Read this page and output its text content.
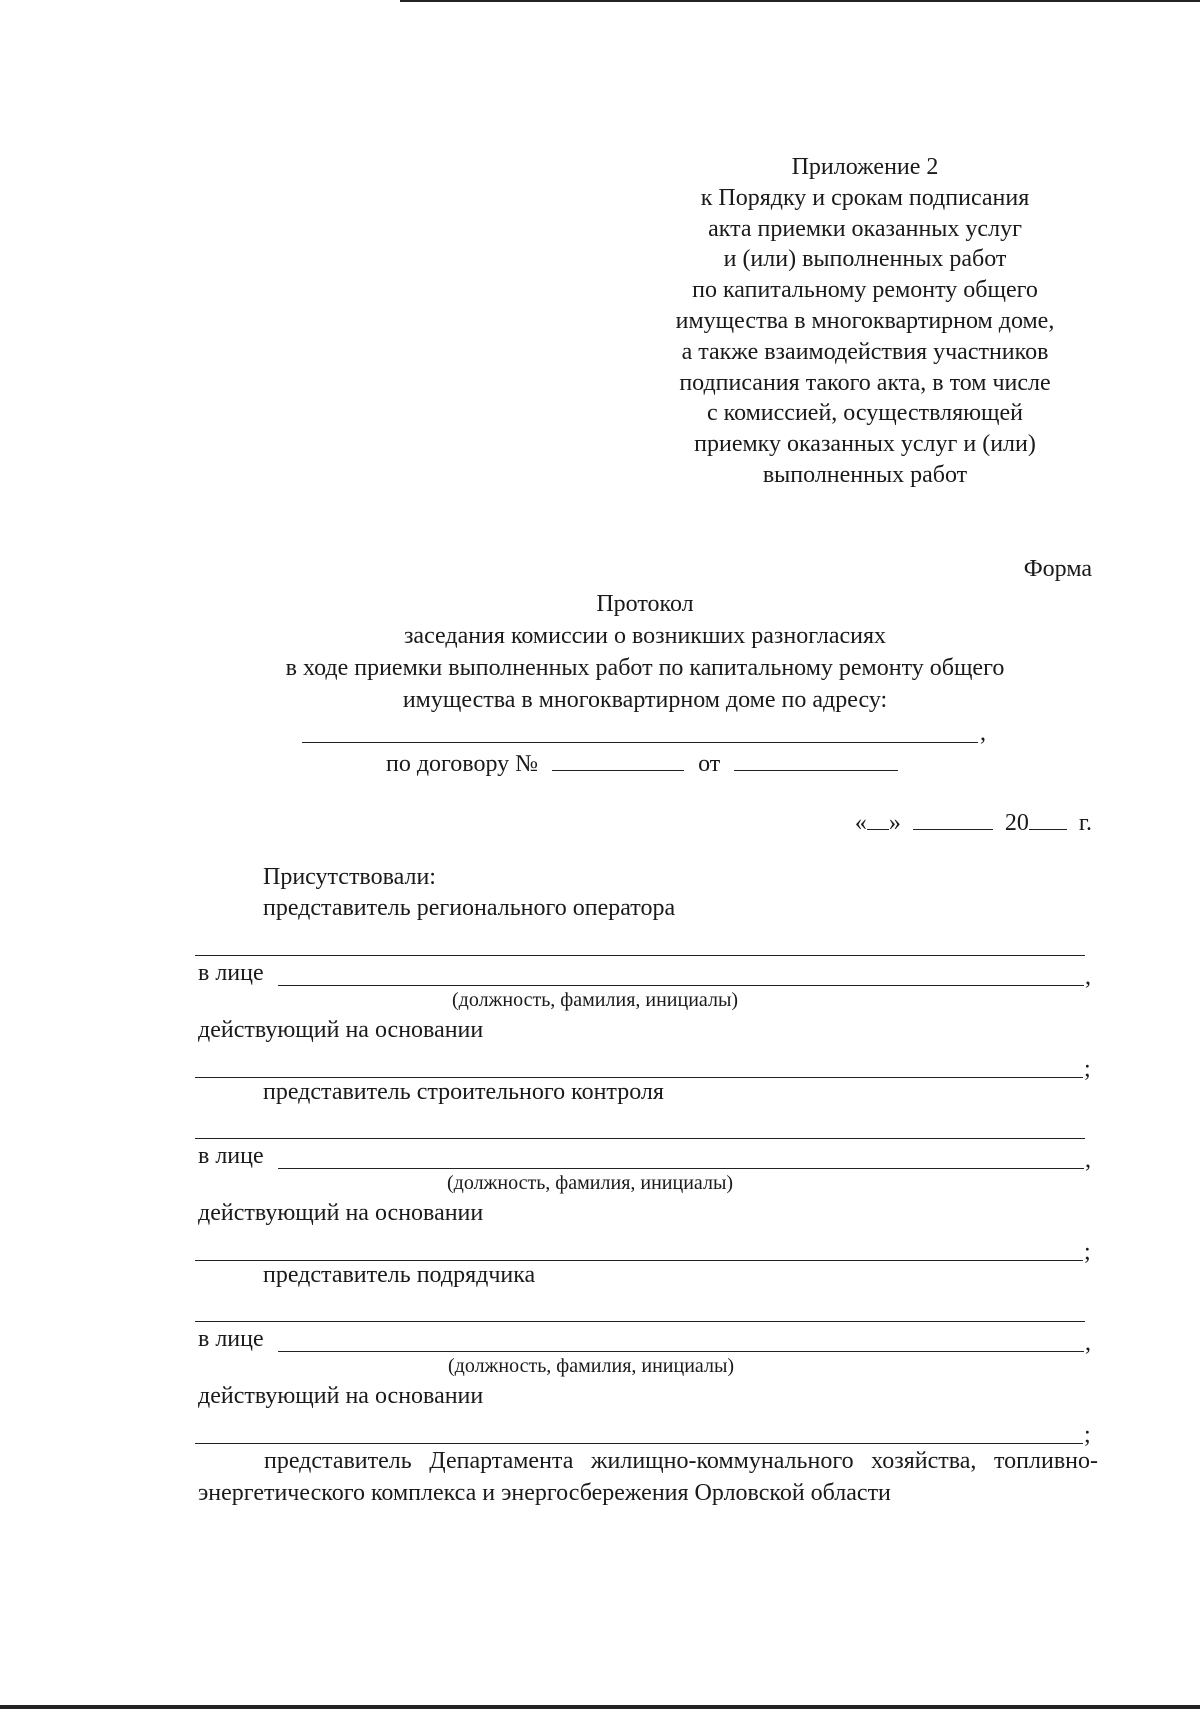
Приложение 2
к Порядку и срокам подписания
акта приемки оказанных услуг
и (или) выполненных работ
по капитальному ремонту общего
имущества в многоквартирном доме,
а также взаимодействия участников
подписания такого акта, в том числе
с комиссией, осуществляющей
приемку оказанных услуг и (или)
выполненных работ
Форма
Протокол
заседания комиссии о возникших разногласиях
в ходе приемки выполненных работ по капитальному ремонту общего
имущества в многоквартирном доме по адресу:
,
по договору №	от
« »	20 г.
Присутствовали:
представитель регионального оператора
в лице	,
(должность, фамилия, инициалы)
действующий на основании
;
представитель строительного контроля
в лице	,
(должность, фамилия, инициалы)
действующий на основании
;
представитель подрядчика
в лице	,
(должность, фамилия, инициалы)
действующий на основании
;
представитель Департамента жилищно-коммунального хозяйства, топливно-энергетического комплекса и энергосбережения Орловской области
